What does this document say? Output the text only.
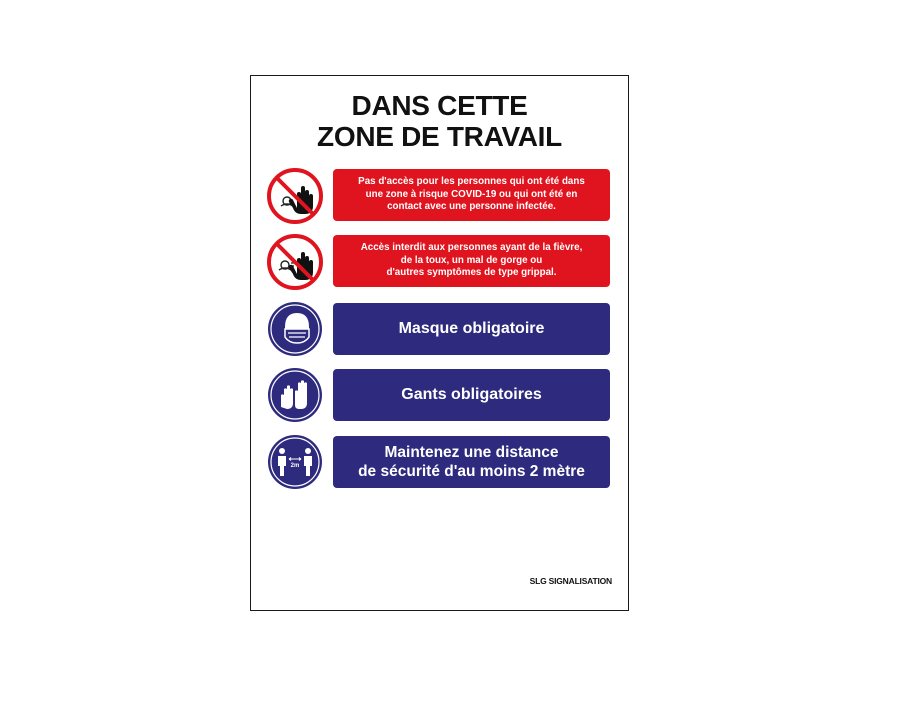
DANS CETTE
ZONE DE TRAVAIL
Pas d'accès pour les personnes qui ont été dans
une zone à risque COVID-19 ou qui ont été en
contact avec une personne infectée.
Accès interdit aux personnes ayant de la fièvre,
de la toux, un mal de gorge ou
d'autres symptômes de type grippal.
Masque obligatoire
Gants obligatoires
2m
Maintenez une distance
de sécurité d'au moins 2 mètre
SLG SIGNALISATION
